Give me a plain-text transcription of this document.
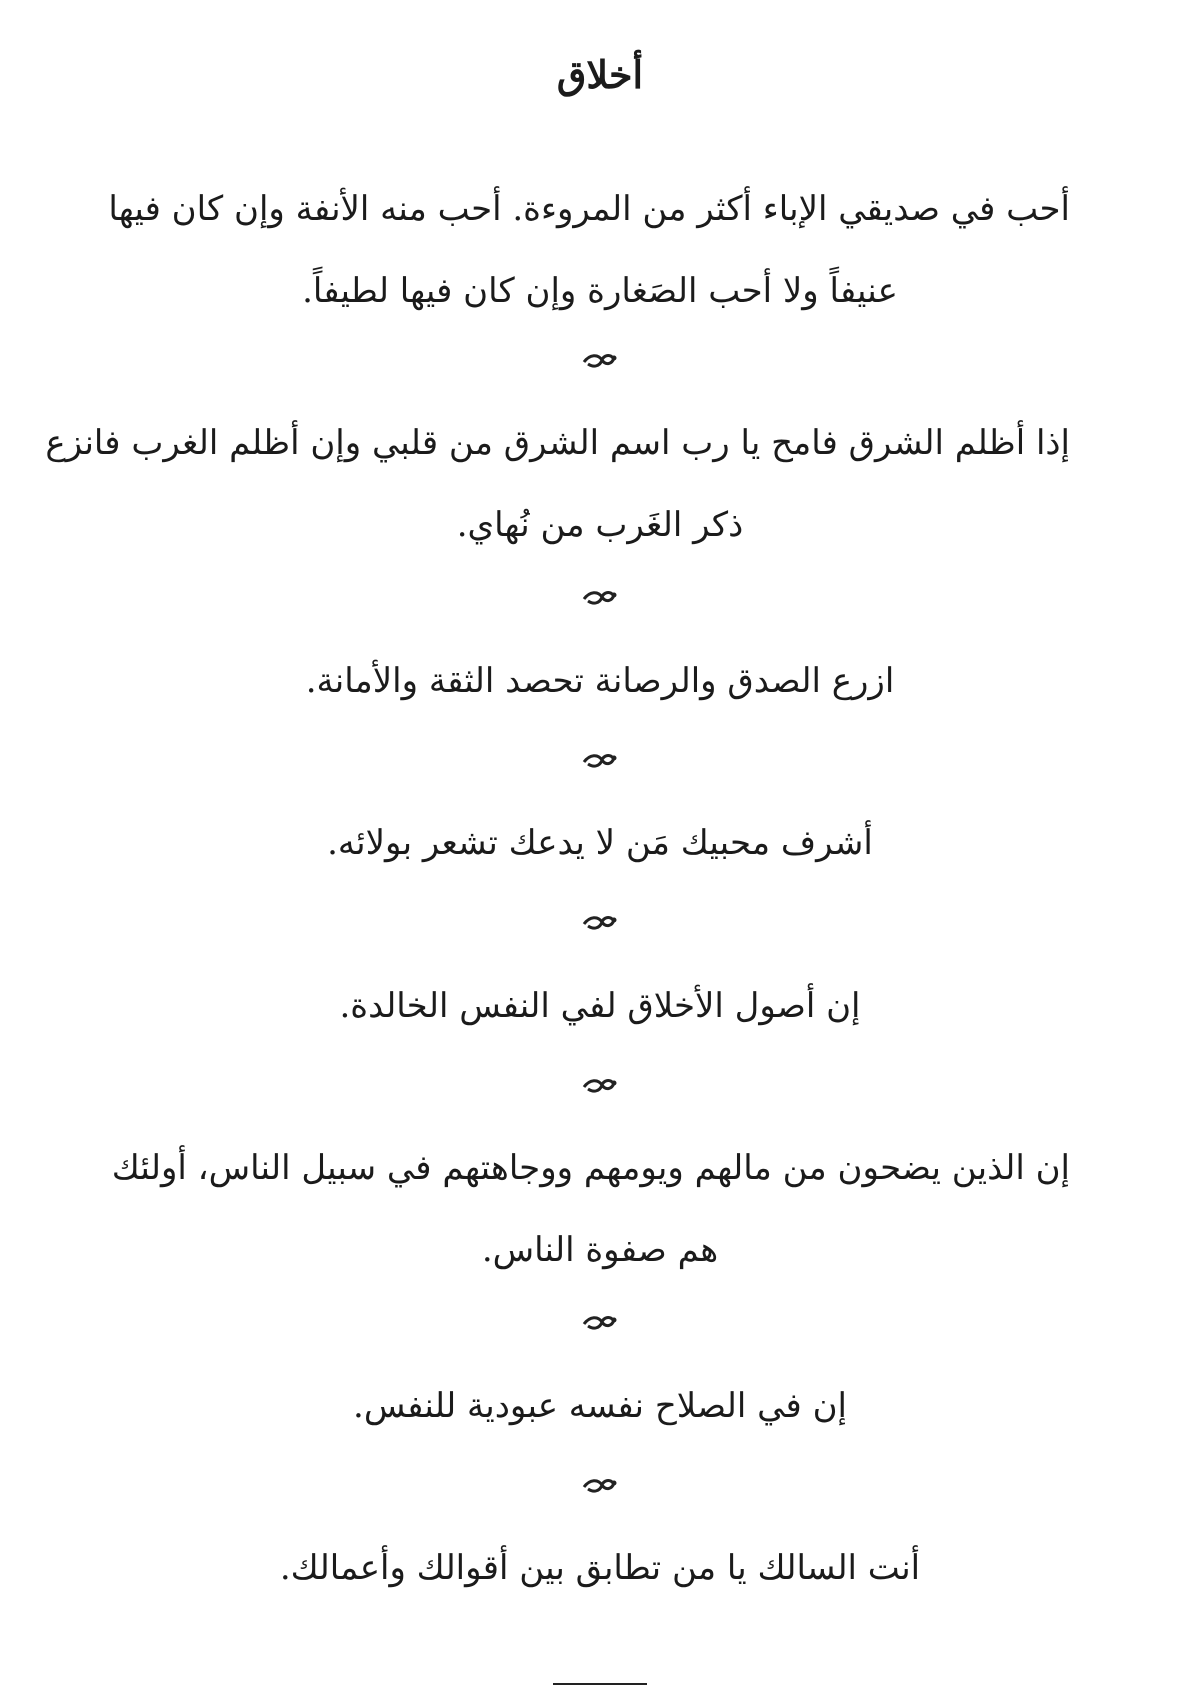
أخلاق
أحب في صديقي الإباء أكثر من المروءة. أحب منه الأنفة وإن كان فيها
عنيفاً ولا أحب الصَغارة وإن كان فيها لطيفاً.
إذا أظلم الشرق فامح يا رب اسم الشرق من قلبي وإن أظلم الغرب فانزع
ذكر الغَرب من نُهاي.
ازرع الصدق والرصانة تحصد الثقة والأمانة.
أشرف محبيك مَن لا يدعك تشعر بولائه.
إن أصول الأخلاق لفي النفس الخالدة.
إن الذين يضحون من مالهم ويومهم ووجاهتهم في سبيل الناس، أولئك
هم صفوة الناس.
إن في الصلاح نفسه عبودية للنفس.
أنت السالك يا من تطابق بين أقوالك وأعمالك.
